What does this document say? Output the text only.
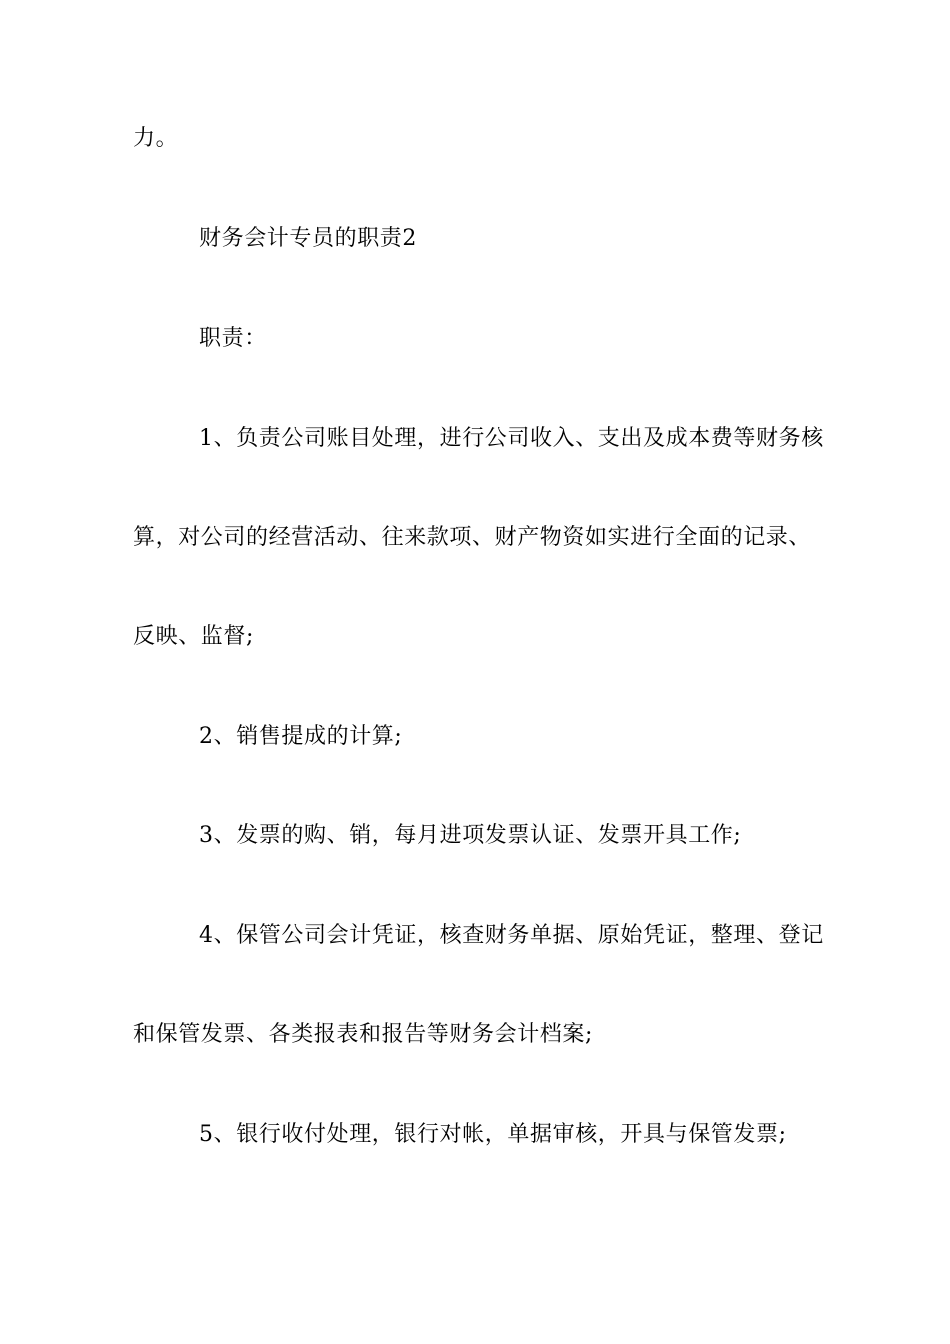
力。
财务会计专员的职责2
职责：
1、负责公司账目处理，进行公司收入、支出及成本费等财务核
算，对公司的经营活动、往来款项、财产物资如实进行全面的记录、
反映、监督;
2、销售提成的计算;
3、发票的购、销，每月进项发票认证、发票开具工作;
4、保管公司会计凭证，核查财务单据、原始凭证，整理、登记
和保管发票、各类报表和报告等财务会计档案;
5、银行收付处理，银行对帐，单据审核，开具与保管发票;
